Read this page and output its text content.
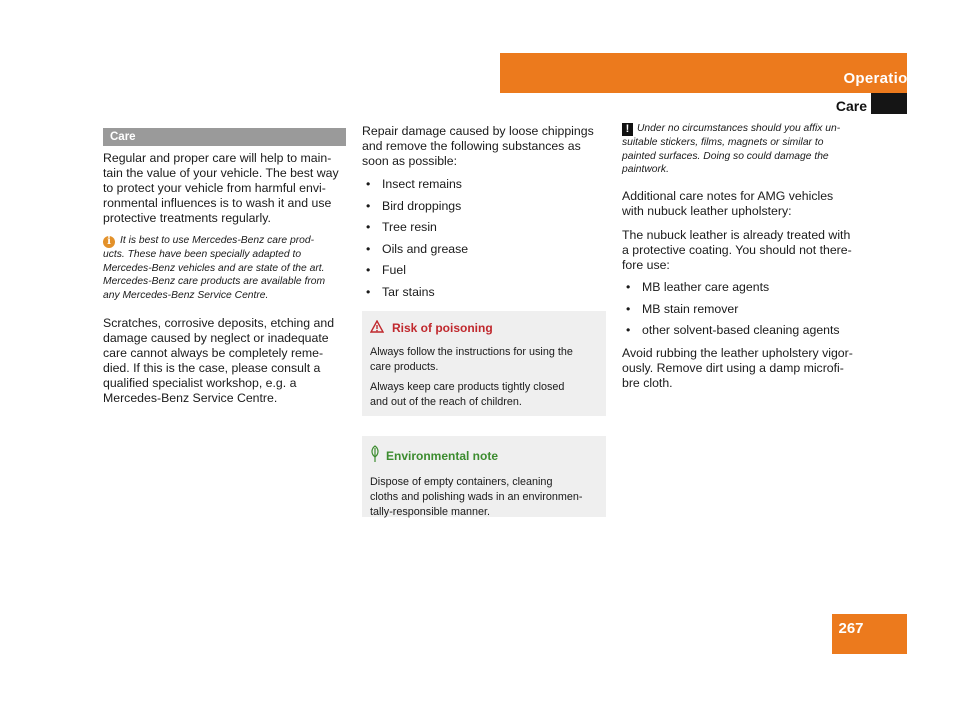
Operation
Care
Care

Regular and proper care will help to main-

tain the value of your vehicle. The best way

to protect your vehicle from harmful envi-

ronmental influences is to wash it and use

protective treatments regularly.

i It is best to use Mercedes-Benz care prod-

ucts. These have been specially adapted to

Mercedes-Benz vehicles and are state of the art.

Mercedes-Benz care products are available from

any Mercedes-Benz Service Centre.

Scratches, corrosive deposits, etching and

damage caused by neglect or inadequate

care cannot always be completely reme-

died. If this is the case, please consult a

qualified specialist workshop, e.g. a

Mercedes-Benz Service Centre.

Repair damage caused by loose chippings

and remove the following substances as

soon as possible:

• Insect remains
• Bird droppings
• Tree resin
• Oils and grease
• Fuel
• Tar stains
Risk of poisoning

Always follow the instructions for using the
care products.

Always keep care products tightly closed
and out of the reach of children.

Environmental note

Dispose of empty containers, cleaning
cloths and polishing wads in an environmen-
tally-responsible manner.

! Under no circumstances should you affix un-

suitable stickers, films, magnets or similar to

painted surfaces. Doing so could damage the

paintwork.

Additional care notes for AMG vehicles

with nubuck leather upholstery:

The nubuck leather is already treated with

a protective coating. You should not there-

fore use:

• MB leather care agents
• MB stain remover
• other solvent-based cleaning agents

Avoid rubbing the leather upholstery vigor-

ously. Remove dirt using a damp microfi-

bre cloth.

267
